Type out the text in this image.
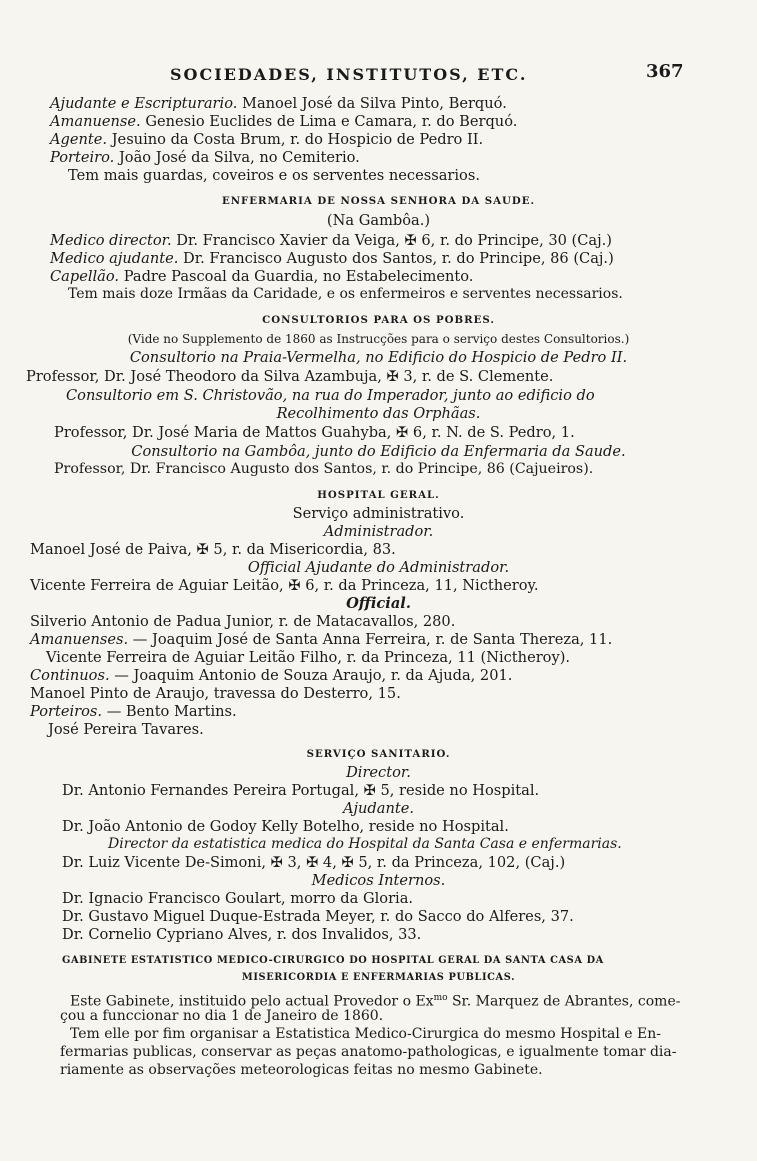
SOCIEDADES, INSTITUTOS, ETC.	367
Ajudante e Escripturario. Manoel José da Silva Pinto, Berquó.
Amanuense. Genesio Euclides de Lima e Camara, r. do Berquó.
Agente. Jesuino da Costa Brum, r. do Hospicio de Pedro II.
Porteiro. João José da Silva, no Cemiterio.
Tem mais guardas, coveiros e os serventes necessarios.
ENFERMARIA DE NOSSA SENHORA DA SAUDE.
(Na Gambôa.)
Medico director. Dr. Francisco Xavier da Veiga, ✠ 6, r. do Principe, 30 (Caj.)
Medico ajudante. Dr. Francisco Augusto dos Santos, r. do Principe, 86 (Caj.)
Capellão. Padre Pascoal da Guardia, no Estabelecimento.
Tem mais doze Irmãas da Caridade, e os enfermeiros e serventes necessarios.
CONSULTORIOS PARA OS POBRES.
(Vide no Supplemento de 1860 as Instrucções para o serviço destes Consultorios.)
Consultorio na Praia-Vermelha, no Edificio do Hospicio de Pedro II.
Professor, Dr. José Theodoro da Silva Azambuja, ✠ 3, r. de S. Clemente.
Consultorio em S. Christovão, na rua do Imperador, junto ao edificio do
Recolhimento das Orphãas.
Professor, Dr. José Maria de Mattos Guahyba, ✠ 6, r. N. de S. Pedro, 1.
Consultorio na Gambôa, junto do Edificio da Enfermaria da Saude.
Professor, Dr. Francisco Augusto dos Santos, r. do Principe, 86 (Cajueiros).
HOSPITAL GERAL.
Serviço administrativo.
Administrador.
Manoel José de Paiva, ✠ 5, r. da Misericordia, 83.
Official Ajudante do Administrador.
Vicente Ferreira de Aguiar Leitão, ✠ 6, r. da Princeza, 11, Nictheroy.
Official.
Silverio Antonio de Padua Junior, r. de Matacavallos, 280.
Amanuenses. — Joaquim José de Santa Anna Ferreira, r. de Santa Thereza, 11.
Vicente Ferreira de Aguiar Leitão Filho, r. da Princeza, 11 (Nictheroy).
Continuos. — Joaquim Antonio de Souza Araujo, r. da Ajuda, 201.
Manoel Pinto de Araujo, travessa do Desterro, 15.
Porteiros. — Bento Martins.
José Pereira Tavares.
SERVIÇO SANITARIO.
Director.
Dr. Antonio Fernandes Pereira Portugal, ✠ 5, reside no Hospital.
Ajudante.
Dr. João Antonio de Godoy Kelly Botelho, reside no Hospital.
Director da estatistica medica do Hospital da Santa Casa e enfermarias.
Dr. Luiz Vicente De-Simoni, ✠ 3, ✠ 4, ✠ 5, r. da Princeza, 102, (Caj.)
Medicos Internos.
Dr. Ignacio Francisco Goulart, morro da Gloria.
Dr. Gustavo Miguel Duque-Estrada Meyer, r. do Sacco do Alferes, 37.
Dr. Cornelio Cypriano Alves, r. dos Invalidos, 33.
GABINETE ESTATISTICO MEDICO-CIRURGICO DO HOSPITAL GERAL DA SANTA CASA DA
MISERICORDIA E ENFERMARIAS PUBLICAS.
Este Gabinete, instituido pelo actual Provedor o $Ex^{mo}$ Sr. Marquez de Abrantes, come-
çou a funccionar no dia 1 de Janeiro de 1860.
Tem elle por fim organisar a Estatistica Medico-Cirurgica do mesmo Hospital e En-
fermarias publicas, conservar as peças anatomo-pathologicas, e igualmente tomar dia-
riamente as observações meteorologicas feitas no mesmo Gabinete.
